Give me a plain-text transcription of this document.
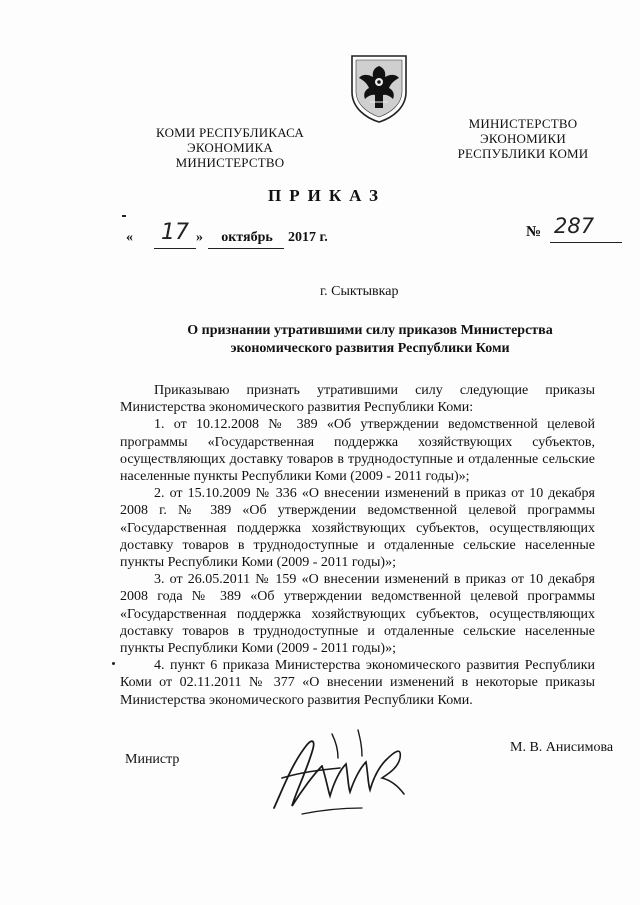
КОМИ РЕСПУБЛИКАСА
ЭКОНОМИКА
МИНИСТЕРСТВО
МИНИСТЕРСТВО
ЭКОНОМИКИ
РЕСПУБЛИКИ КОМИ
ПРИКАЗ
« 17 »	октябрь	2017 г.	№ 287
г. Сыктывкар
О признании утратившими силу приказов Министерства
экономического развития Республики Коми

Приказываю признать утратившими силу следующие приказы Министерства экономического развития Республики Коми:

1. от 10.12.2008 № 389 «Об утверждении ведомственной целевой программы «Государственная поддержка хозяйствующих субъектов, осуществляющих доставку товаров в труднодоступные и отдаленные сельские населенные пункты Республики Коми (2009 - 2011 годы)»;

2. от 15.10.2009 № 336 «О внесении изменений в приказ от 10 декабря 2008 г. № 389 «Об утверждении ведомственной целевой программы «Государственная поддержка хозяйствующих субъектов, осуществляющих доставку товаров в труднодоступные и отдаленные сельские населенные пункты Республики Коми (2009 - 2011 годы)»;

3. от 26.05.2011 № 159 «О внесении изменений в приказ от 10 декабря 2008 года № 389 «Об утверждении ведомственной целевой программы «Государственная поддержка хозяйствующих субъектов, осуществляющих доставку товаров в труднодоступные и отдаленные сельские населенные пункты Республики Коми (2009 - 2011 годы)»;

4. пункт 6 приказа Министерства экономического развития Республики Коми от 02.11.2011 № 377 «О внесении изменений в некоторые приказы Министерства экономического развития Республики Коми.

Министр
М. В. Анисимова
